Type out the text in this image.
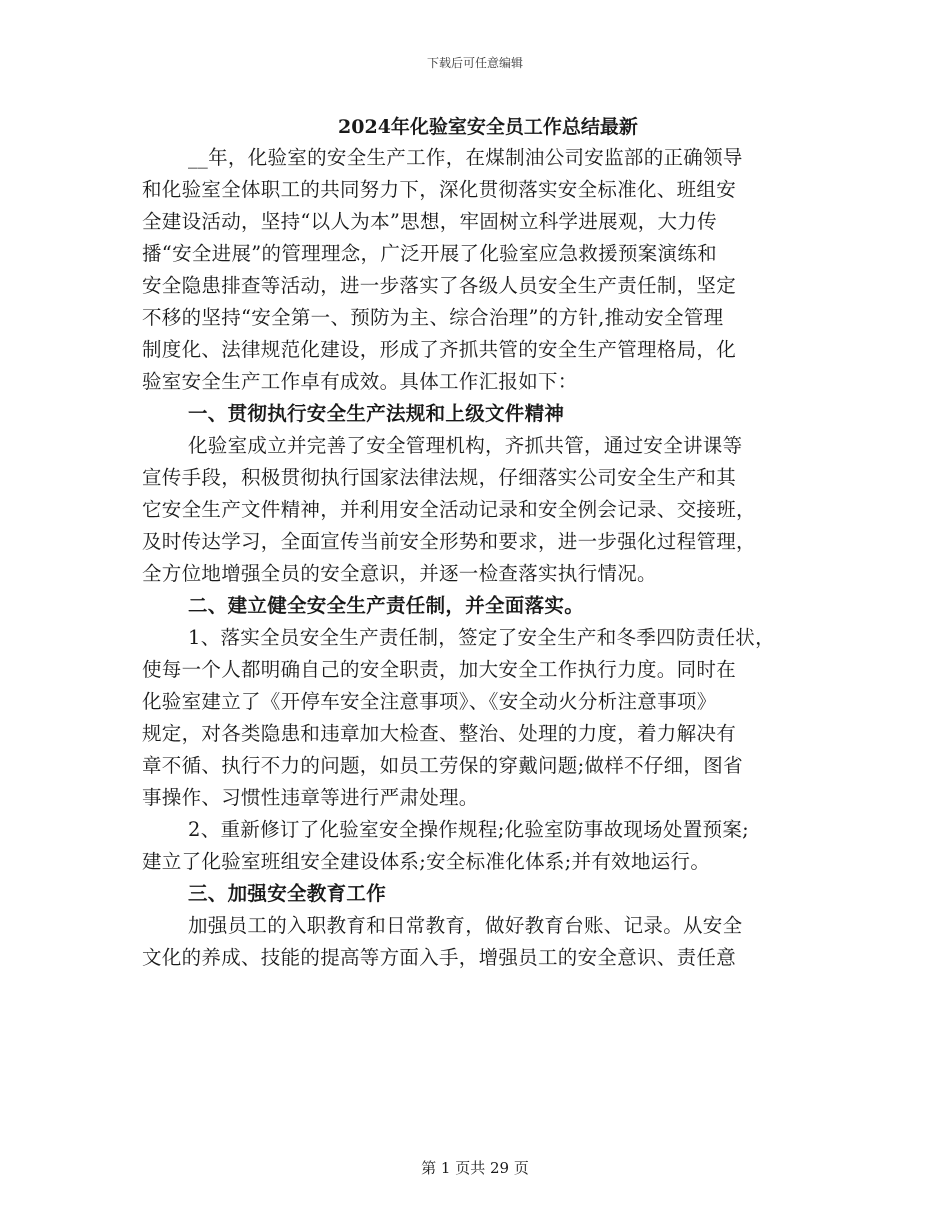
下载后可任意编辑
2024年化验室安全员工作总结最新
__年，化验室的安全生产工作，在煤制油公司安监部的正确领导
和化验室全体职工的共同努力下，深化贯彻落实安全标准化、班组安
全建设活动，坚持“以人为本”思想，牢固树立科学进展观，大力传
播“安全进展”的管理理念，广泛开展了化验室应急救援预案演练和
安全隐患排查等活动，进一步落实了各级人员安全生产责任制，坚定
不移的坚持“安全第一、预防为主、综合治理”的方针,推动安全管理
制度化、法律规范化建设，形成了齐抓共管的安全生产管理格局，化
验室安全生产工作卓有成效。具体工作汇报如下：
一、贯彻执行安全生产法规和上级文件精神
化验室成立并完善了安全管理机构，齐抓共管，通过安全讲课等
宣传手段，积极贯彻执行国家法律法规，仔细落实公司安全生产和其
它安全生产文件精神，并利用安全活动记录和安全例会记录、交接班，
及时传达学习，全面宣传当前安全形势和要求，进一步强化过程管理，
全方位地增强全员的安全意识，并逐一检查落实执行情况。
二、建立健全安全生产责任制，并全面落实。
1、落实全员安全生产责任制，签定了安全生产和冬季四防责任状，
使每一个人都明确自己的安全职责，加大安全工作执行力度。同时在
化验室建立了《开停车安全注意事项》、《安全动火分析注意事项》
规定，对各类隐患和违章加大检查、整治、处理的力度，着力解决有
章不循、执行不力的问题，如员工劳保的穿戴问题;做样不仔细，图省
事操作、习惯性违章等进行严肃处理。
2、重新修订了化验室安全操作规程;化验室防事故现场处置预案;
建立了化验室班组安全建设体系;安全标准化体系;并有效地运行。
三、加强安全教育工作
加强员工的入职教育和日常教育，做好教育台账、记录。从安全
文化的养成、技能的提高等方面入手，增强员工的安全意识、责任意
第 1 页共 29 页
